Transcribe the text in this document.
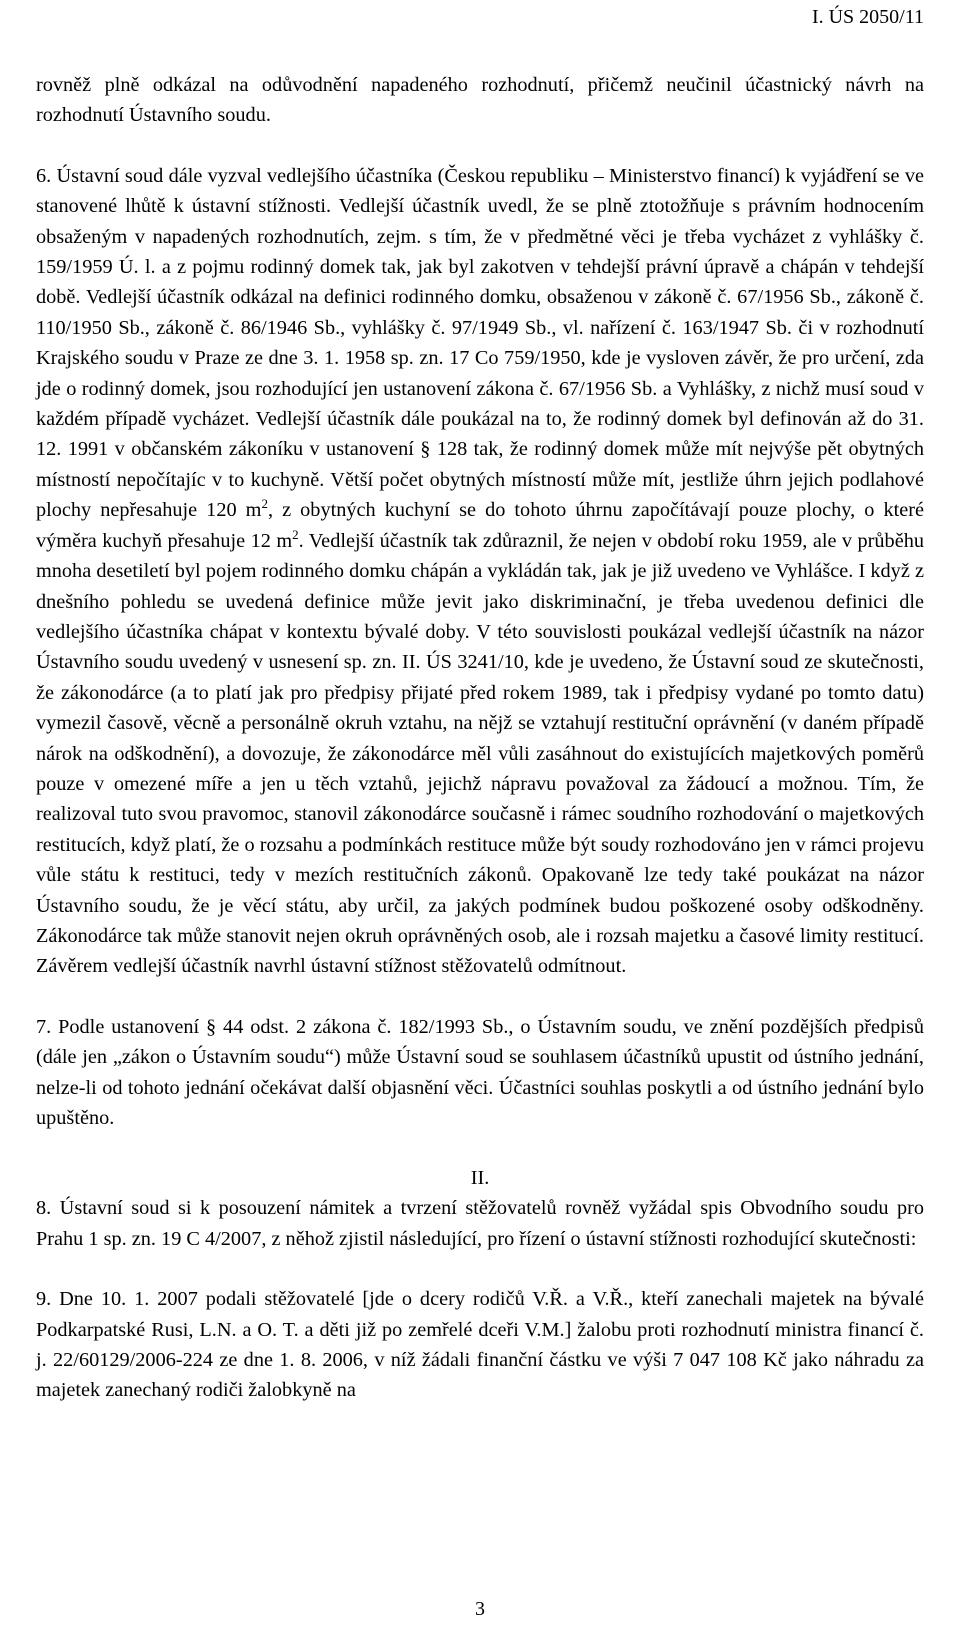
I. ÚS 2050/11

rovněž plně odkázal na odůvodnění napadeného rozhodnutí, přičemž neučinil účastnický návrh na rozhodnutí Ústavního soudu.

6. Ústavní soud dále vyzval vedlejšího účastníka (Českou republiku – Ministerstvo financí) k vyjádření se ve stanovené lhůtě k ústavní stížnosti. Vedlejší účastník uvedl, že se plně ztotožňuje s právním hodnocením obsaženým v napadených rozhodnutích, zejm. s tím, že v předmětné věci je třeba vycházet z vyhlášky č. 159/1959 Ú. l. a z pojmu rodinný domek tak, jak byl zakotven v tehdejší právní úpravě a chápán v tehdejší době. Vedlejší účastník odkázal na definici rodinného domku, obsaženou v zákoně č. 67/1956 Sb., zákoně č. 110/1950 Sb., zákoně č. 86/1946 Sb., vyhlášky č. 97/1949 Sb., vl. nařízení č. 163/1947 Sb. či v rozhodnutí Krajského soudu v Praze ze dne 3. 1. 1958 sp. zn. 17 Co 759/1950, kde je vysloven závěr, že pro určení, zda jde o rodinný domek, jsou rozhodující jen ustanovení zákona č. 67/1956 Sb. a Vyhlášky, z nichž musí soud v každém případě vycházet. Vedlejší účastník dále poukázal na to, že rodinný domek byl definován až do 31. 12. 1991 v občanském zákoníku v ustanovení § 128 tak, že rodinný domek může mít nejvýše pět obytných místností nepočítajíc v to kuchyně. Větší počet obytných místností může mít, jestliže úhrn jejich podlahové plochy nepřesahuje 120 $m^2$, z obytných kuchyní se do tohoto úhrnu započítávají pouze plochy, o které výměra kuchyň přesahuje 12 $m^2$. Vedlejší účastník tak zdůraznil, že nejen v období roku 1959, ale v průběhu mnoha desetiletí byl pojem rodinného domku chápán a vykládán tak, jak je již uvedeno ve Vyhlášce. I když z dnešního pohledu se uvedená definice může jevit jako diskriminační, je třeba uvedenou definici dle vedlejšího účastníka chápat v kontextu bývalé doby. V této souvislosti poukázal vedlejší účastník na názor Ústavního soudu uvedený v usnesení sp. zn. II. ÚS 3241/10, kde je uvedeno, že Ústavní soud ze skutečnosti, že zákonodárce (a to platí jak pro předpisy přijaté před rokem 1989, tak i předpisy vydané po tomto datu) vymezil časově, věcně a personálně okruh vztahu, na nějž se vztahují restituční oprávnění (v daném případě nárok na odškodnění), a dovozuje, že zákonodárce měl vůli zasáhnout do existujících majetkových poměrů pouze v omezené míře a jen u těch vztahů, jejichž nápravu považoval za žádoucí a možnou. Tím, že realizoval tuto svou pravomoc, stanovil zákonodárce současně i rámec soudního rozhodování o majetkových restitucích, když platí, že o rozsahu a podmínkách restituce může být soudy rozhodováno jen v rámci projevu vůle státu k restituci, tedy v mezích restitučních zákonů. Opakovaně lze tedy také poukázat na názor Ústavního soudu, že je věcí státu, aby určil, za jakých podmínek budou poškozené osoby odškodněny. Zákonodárce tak může stanovit nejen okruh oprávněných osob, ale i rozsah majetku a časové limity restitucí. Závěrem vedlejší účastník navrhl ústavní stížnost stěžovatelů odmítnout.

7. Podle ustanovení § 44 odst. 2 zákona č. 182/1993 Sb., o Ústavním soudu, ve znění pozdějších předpisů (dále jen „zákon o Ústavním soudu“) může Ústavní soud se souhlasem účastníků upustit od ústního jednání, nelze-li od tohoto jednání očekávat další objasnění věci. Účastníci souhlas poskytli a od ústního jednání bylo upuštěno.

II.

8. Ústavní soud si k posouzení námitek a tvrzení stěžovatelů rovněž vyžádal spis Obvodního soudu pro Prahu 1 sp. zn. 19 C 4/2007, z něhož zjistil následující, pro řízení o ústavní stížnosti rozhodující skutečnosti:

9. Dne 10. 1. 2007 podali stěžovatelé [jde o dcery rodičů V.Ř. a V.Ř., kteří zanechali majetek na bývalé Podkarpatské Rusi, L.N. a O. T. a děti již po zemřelé dceři V.M.] žalobu proti rozhodnutí ministra financí č. j. 22/60129/2006-224 ze dne 1. 8. 2006, v níž žádali finanční částku ve výši 7 047 108 Kč jako náhradu za majetek zanechaný rodiči žalobkyně na

3
